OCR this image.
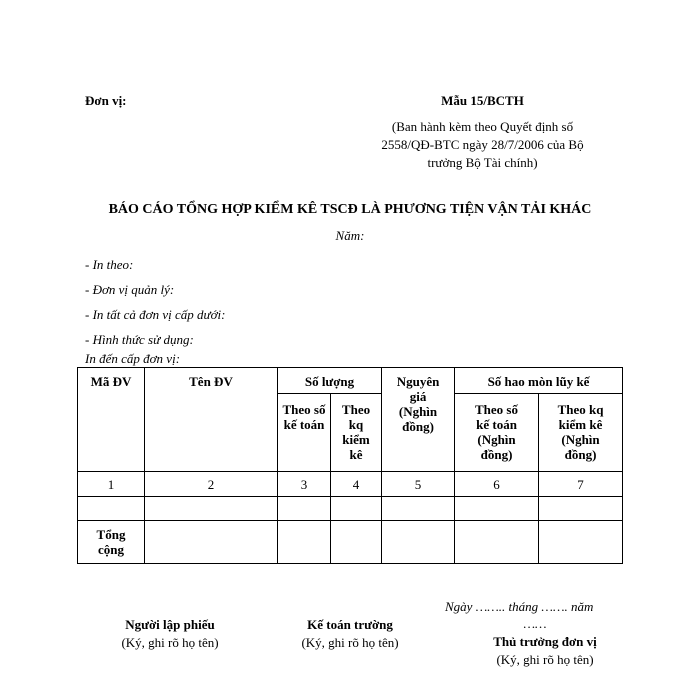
Đơn vị:	Mẫu 15/BCTH
(Ban hành kèm theo Quyết định số
2558/QĐ-BTC ngày 28/7/2006 của Bộ
trưởng Bộ Tài chính)
BÁO CÁO TỔNG HỢP KIỂM KÊ TSCĐ LÀ PHƯƠNG TIỆN VẬN TẢI KHÁC
Năm:
- In theo:
- Đơn vị quản lý:
- In tất cả đơn vị cấp dưới:
- Hình thức sử dụng:
In đến cấp đơn vị:
Mã ĐV	Tên ĐV	Số lượng		Nguyên giá (Nghìn đồng)	Số hao mòn lũy kế	
		Theo số kế toán	Theo kq kiểm kê		Theo số kế toán (Nghìn đồng)	Theo kq kiểm kê (Nghìn đồng)
1	2	3	4	5	6	7

Tổng cộng						
Ngày …….. tháng ……. năm
……
Người lập phiếu
(Ký, ghi rõ họ tên)
Kế toán trường
(Ký, ghi rõ họ tên)	Thủ trưởng đơn vị
(Ký, ghi rõ họ tên)
